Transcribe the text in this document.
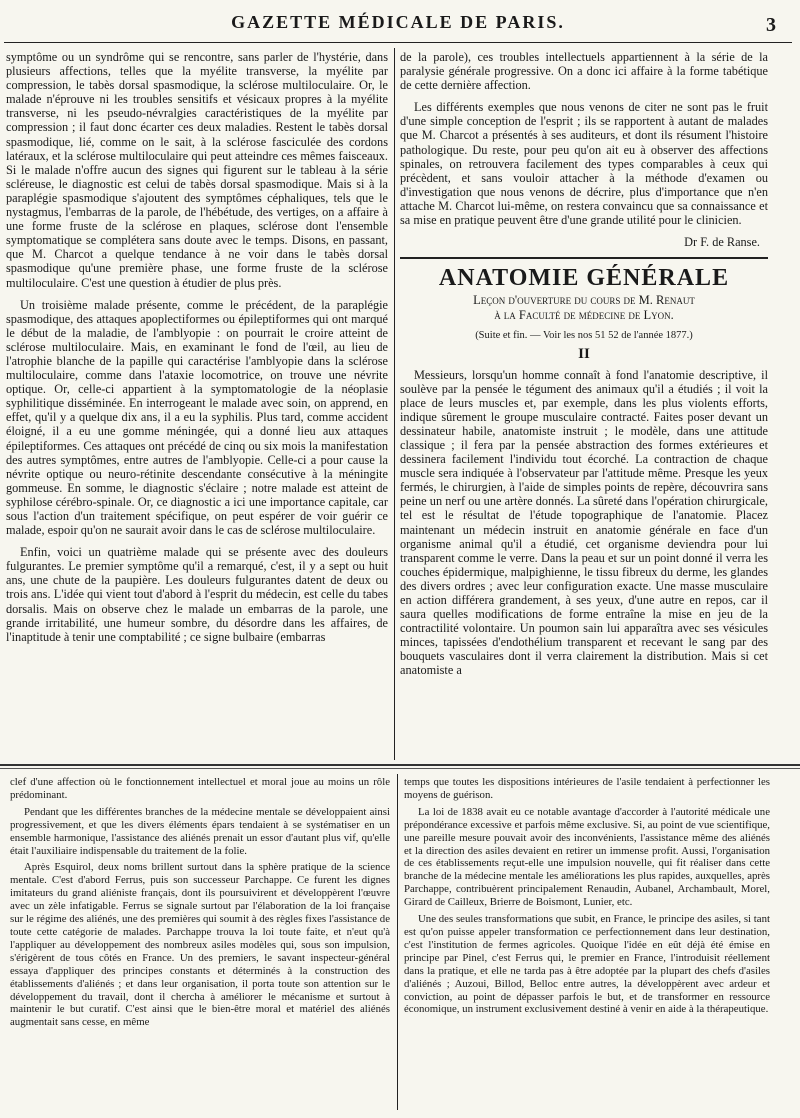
GAZETTE MÉDICALE DE PARIS.	3

symptôme ou un syndrôme qui se rencontre, sans parler de l'hystérie, dans plusieurs affections, telles que la myélite transverse, la myélite par compression, le tabès dorsal spasmodique, la sclérose multiloculaire. Or, le malade n'éprouve ni les troubles sensitifs et vésicaux propres à la myélite transverse, ni les pseudo-névralgies caractéristiques de la myélite par compression ; il faut donc écarter ces deux maladies. Restent le tabès dorsal spasmodique, lié, comme on le sait, à la sclérose fasciculée des cordons latéraux, et la sclérose multiloculaire qui peut atteindre ces mêmes faisceaux. Si le malade n'offre aucun des signes qui figurent sur le tableau à la série scléreuse, le diagnostic est celui de tabès dorsal spasmodique. Mais si à la paraplégie spasmodique s'ajoutent des symptômes céphaliques, tels que le nystagmus, l'embarras de la parole, de l'hébétude, des vertiges, on a affaire à une forme fruste de la sclérose en plaques, sclérose dont l'ensemble symptomatique se complétera sans doute avec le temps. Disons, en passant, que M. Charcot a quelque tendance à ne voir dans le tabès dorsal spasmodique qu'une première phase, une forme fruste de la sclérose multiloculaire. C'est une question à étudier de plus près.

Un troisième malade présente, comme le précédent, de la paraplégie spasmodique, des attaques apoplectiformes ou épileptiformes qui ont marqué le début de la maladie, de l'amblyopie : on pourrait le croire atteint de sclérose multiloculaire. Mais, en examinant le fond de l'œil, au lieu de l'atrophie blanche de la papille qui caractérise l'amblyopie dans la sclérose multiloculaire, comme dans l'ataxie locomotrice, on trouve une névrite optique. Or, celle-ci appartient à la symptomatologie de la néoplasie syphilitique disséminée. En interrogeant le malade avec soin, on apprend, en effet, qu'il y a quelque dix ans, il a eu la syphilis. Plus tard, comme accident éloigné, il a eu une gomme méningée, qui a donné lieu aux attaques épileptiformes. Ces attaques ont précédé de cinq ou six mois la manifestation des autres symptômes, entre autres de l'amblyopie. Celle-ci a pour cause la névrite optique ou neuro-rétinite descendante consécutive à la méningite gommeuse. En somme, le diagnostic s'éclaire ; notre malade est atteint de syphilose cérébro-spinale. Or, ce diagnostic a ici une importance capitale, car sous l'action d'un traitement spécifique, on peut espérer de voir guérir ce malade, espoir qu'on ne saurait avoir dans le cas de sclérose multiloculaire.

Enfin, voici un quatrième malade qui se présente avec des douleurs fulgurantes. Le premier symptôme qu'il a remarqué, c'est, il y a sept ou huit ans, une chute de la paupière. Les douleurs fulgurantes datent de deux ou trois ans. L'idée qui vient tout d'abord à l'esprit du médecin, est celle du tabes dorsalis. Mais on observe chez le malade un embarras de la parole, une grande irritabilité, une humeur sombre, du désordre dans les affaires, de l'inaptitude à tenir une comptabilité ; ce signe bulbaire (embarras

de la parole), ces troubles intellectuels appartiennent à la série de la paralysie générale progressive. On a donc ici affaire à la forme tabétique de cette dernière affection.

Les différents exemples que nous venons de citer ne sont pas le fruit d'une simple conception de l'esprit ; ils se rapportent à autant de malades que M. Charcot a présentés à ses auditeurs, et dont ils résument l'histoire pathologique. Du reste, pour peu qu'on ait eu à observer des affections spinales, on retrouvera facilement des types comparables à ceux qui précèdent, et sans vouloir attacher à la méthode d'examen ou d'investigation que nous venons de décrire, plus d'importance que n'en attache M. Charcot lui-même, on restera convaincu que sa connaissance et sa mise en pratique peuvent être d'une grande utilité pour le clinicien.

Dr F. de Ranse.
ANATOMIE GÉNÉRALE
Leçon d'ouverture du cours de M. Renaut
à la Faculté de médecine de Lyon.
(Suite et fin. — Voir les nos 51 52 de l'année 1877.)
II

Messieurs, lorsqu'un homme connaît à fond l'anatomie descriptive, il soulève par la pensée le tégument des animaux qu'il a étudiés ; il voit la place de leurs muscles et, par exemple, dans les plus violents efforts, indique sûrement le groupe musculaire contracté. Faites poser devant un dessinateur habile, anatomiste instruit ; le modèle, dans une attitude classique ; il fera par la pensée abstraction des formes extérieures et dessinera facilement l'individu tout écorché. La contraction de chaque muscle sera indiquée à l'observateur par l'attitude même. Presque les yeux fermés, le chirurgien, à l'aide de simples points de repère, découvrira sans peine un nerf ou une artère donnés. La sûreté dans l'opération chirurgicale, tel est le résultat de l'étude topographique de l'anatomie. Placez maintenant un médecin instruit en anatomie générale en face d'un organisme animal qu'il a étudié, cet organisme deviendra pour lui transparent comme le verre. Dans la peau et sur un point donné il verra les couches épidermique, malpighienne, le tissu fibreux du derme, les glandes des divers ordres ; avec leur configuration exacte. Une masse musculaire en action différera grandement, à ses yeux, d'une autre en repos, car il saura quelles modifications de forme entraîne la mise en jeu de la contractilité volontaire. Un poumon sain lui apparaîtra avec ses vésicules minces, tapissées d'endothélium transparent et recevant le sang par des bouquets vasculaires dont il verra clairement la distribution. Mais si cet anatomiste a

clef d'une affection où le fonctionnement intellectuel et moral joue au moins un rôle prédominant.

Pendant que les différentes branches de la médecine mentale se développaient ainsi progressivement, et que les divers éléments épars tendaient à se systématiser en un ensemble harmonique, l'assistance des aliénés prenait un essor d'autant plus vif, qu'elle était l'auxiliaire indispensable du traitement de la folie.

Après Esquirol, deux noms brillent surtout dans la sphère pratique de la science mentale. C'est d'abord Ferrus, puis son successeur Parchappe. Ce furent les dignes imitateurs du grand aliéniste français, dont ils poursuivirent et développèrent l'œuvre avec un zèle infatigable. Ferrus se signale surtout par l'élaboration de la loi française sur le régime des aliénés, une des premières qui soumit à des règles fixes l'assistance de toute cette catégorie de malades. Parchappe trouva la loi toute faite, et n'eut qu'à l'appliquer au développement des nombreux asiles modèles qui, sous son impulsion, s'érigèrent de tous côtés en France. Un des premiers, le savant inspecteur-général essaya d'appliquer des principes constants et déterminés à la construction des établissements d'aliénés ; et dans leur organisation, il porta toute son attention sur le développement du travail, dont il chercha à améliorer le mécanisme et surtout à maintenir le but curatif. C'est ainsi que le bien-être moral et matériel des aliénés augmentait sans cesse, en même

temps que toutes les dispositions intérieures de l'asile tendaient à perfectionner les moyens de guérison.

La loi de 1838 avait eu ce notable avantage d'accorder à l'autorité médicale une prépondérance excessive et parfois même exclusive. Si, au point de vue scientifique, une pareille mesure pouvait avoir des inconvénients, l'assistance même des aliénés et la direction des asiles devaient en retirer un immense profit. Aussi, l'organisation de ces établissements reçut-elle une impulsion nouvelle, qui fit réaliser dans cette branche de la médecine mentale les améliorations les plus rapides, auxquelles, après Parchappe, contribuèrent principalement Renaudin, Aubanel, Archambault, Morel, Girard de Cailleux, Brierre de Boismont, Lunier, etc.

Une des seules transformations que subit, en France, le principe des asiles, si tant est qu'on puisse appeler transformation ce perfectionnement dans leur destination, c'est l'institution de fermes agricoles. Quoique l'idée en eût déjà été émise en principe par Pinel, c'est Ferrus qui, le premier en France, l'introduisit réellement dans la pratique, et elle ne tarda pas à être adoptée par la plupart des chefs d'asiles d'aliénés ; Auzoui, Billod, Belloc entre autres, la développèrent avec ardeur et conviction, au point de dépasser parfois le but, et de transformer en ressource économique, un instrument exclusivement destiné à venir en aide à la thérapeutique.
